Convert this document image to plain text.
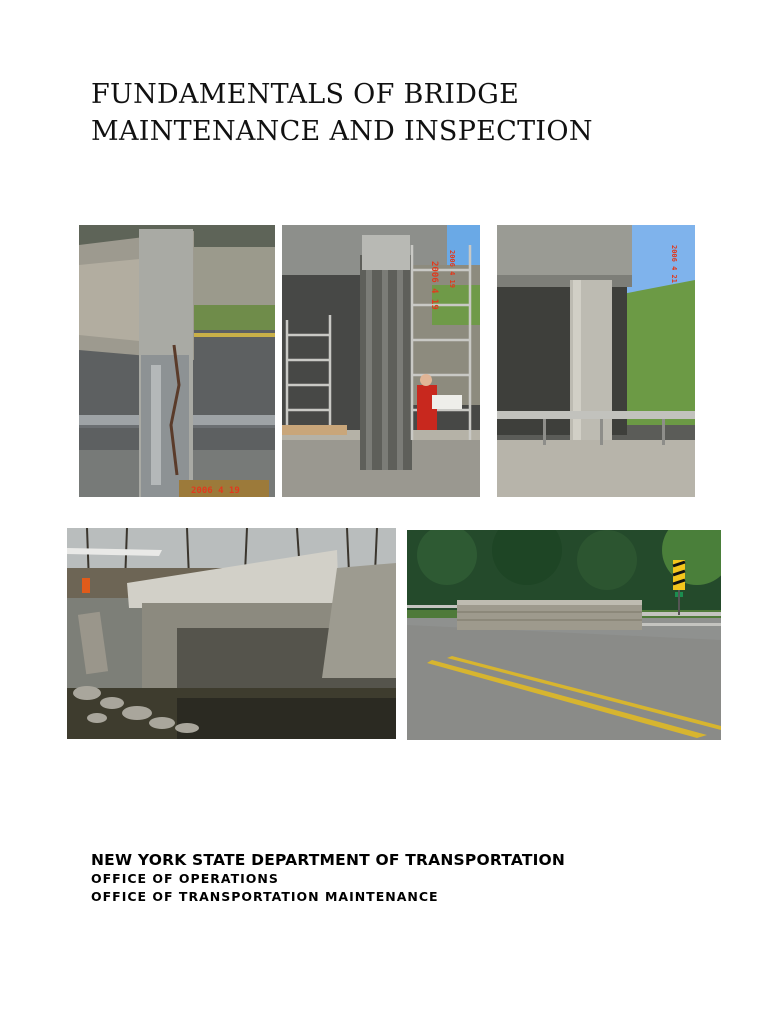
FUNDAMENTALS OF BRIDGE
MAINTENANCE AND INSPECTION
2006 4 19
2006 4 19 2006 4 19	2006 4 21
NEW YORK STATE DEPARTMENT OF TRANSPORTATION
OFFICE OF OPERATIONS
OFFICE OF TRANSPORTATION MAINTENANCE
